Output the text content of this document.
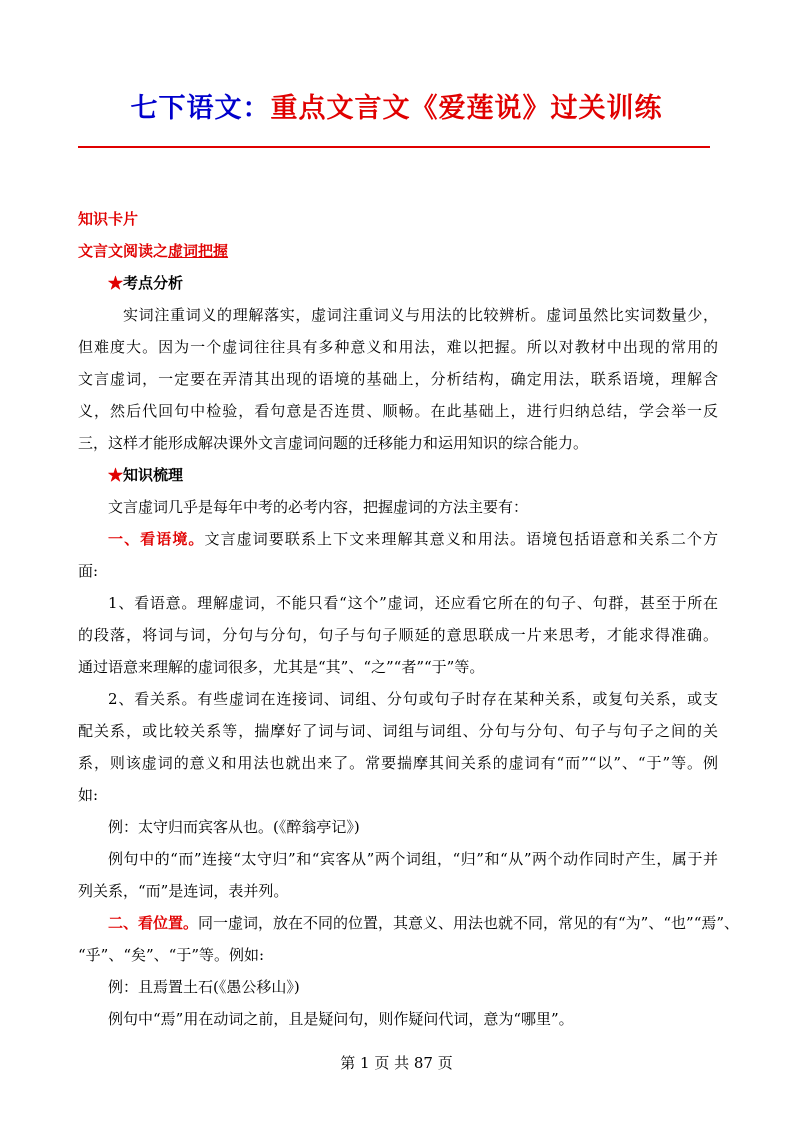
七下语文：重点文言文《爱莲说》过关训练
知识卡片
文言文阅读之虚词把握
★考点分析
实词注重词义的理解落实，虚词注重词义与用法的比较辨析。虚词虽然比实词数量少，
但难度大。因为一个虚词往往具有多种意义和用法，难以把握。所以对教材中出现的常用的
文言虚词，一定要在弄清其出现的语境的基础上，分析结构，确定用法，联系语境，理解含
义，然后代回句中检验，看句意是否连贯、顺畅。在此基础上，进行归纳总结，学会举一反
三，这样才能形成解决课外文言虚词问题的迁移能力和运用知识的综合能力。
★知识梳理
文言虚词几乎是每年中考的必考内容，把握虚词的方法主要有：
一、看语境。文言虚词要联系上下文来理解其意义和用法。语境包括语意和关系二个方
面:
1、看语意。理解虚词，不能只看“这个”虚词，还应看它所在的句子、句群，甚至于所在
的段落，将词与词，分句与分句，句子与句子顺延的意思联成一片来思考，才能求得准确。
通过语意来理解的虚词很多，尤其是“其”、“之”“者”“于”等。
2、看关系。有些虚词在连接词、词组、分句或句子时存在某种关系，或复句关系，或支
配关系，或比较关系等，揣摩好了词与词、词组与词组、分句与分句、句子与句子之间的关
系，则该虚词的意义和用法也就出来了。常要揣摩其间关系的虚词有“而”“以”、“于”等。例
如:
例：太守归而宾客从也。(《醉翁亭记》)
例句中的“而”连接“太守归”和“宾客从”两个词组，“归”和“从”两个动作同时产生，属于并
列关系，“而”是连词，表并列。
二、看位置。同一虚词，放在不同的位置，其意义、用法也就不同，常见的有“为”、“也”“焉”、
“乎”、“矣”、“于”等。例如:
例：且焉置土石(《愚公移山》)
例句中“焉”用在动词之前，且是疑问句，则作疑问代词，意为“哪里”。
第 1 页 共 87 页
